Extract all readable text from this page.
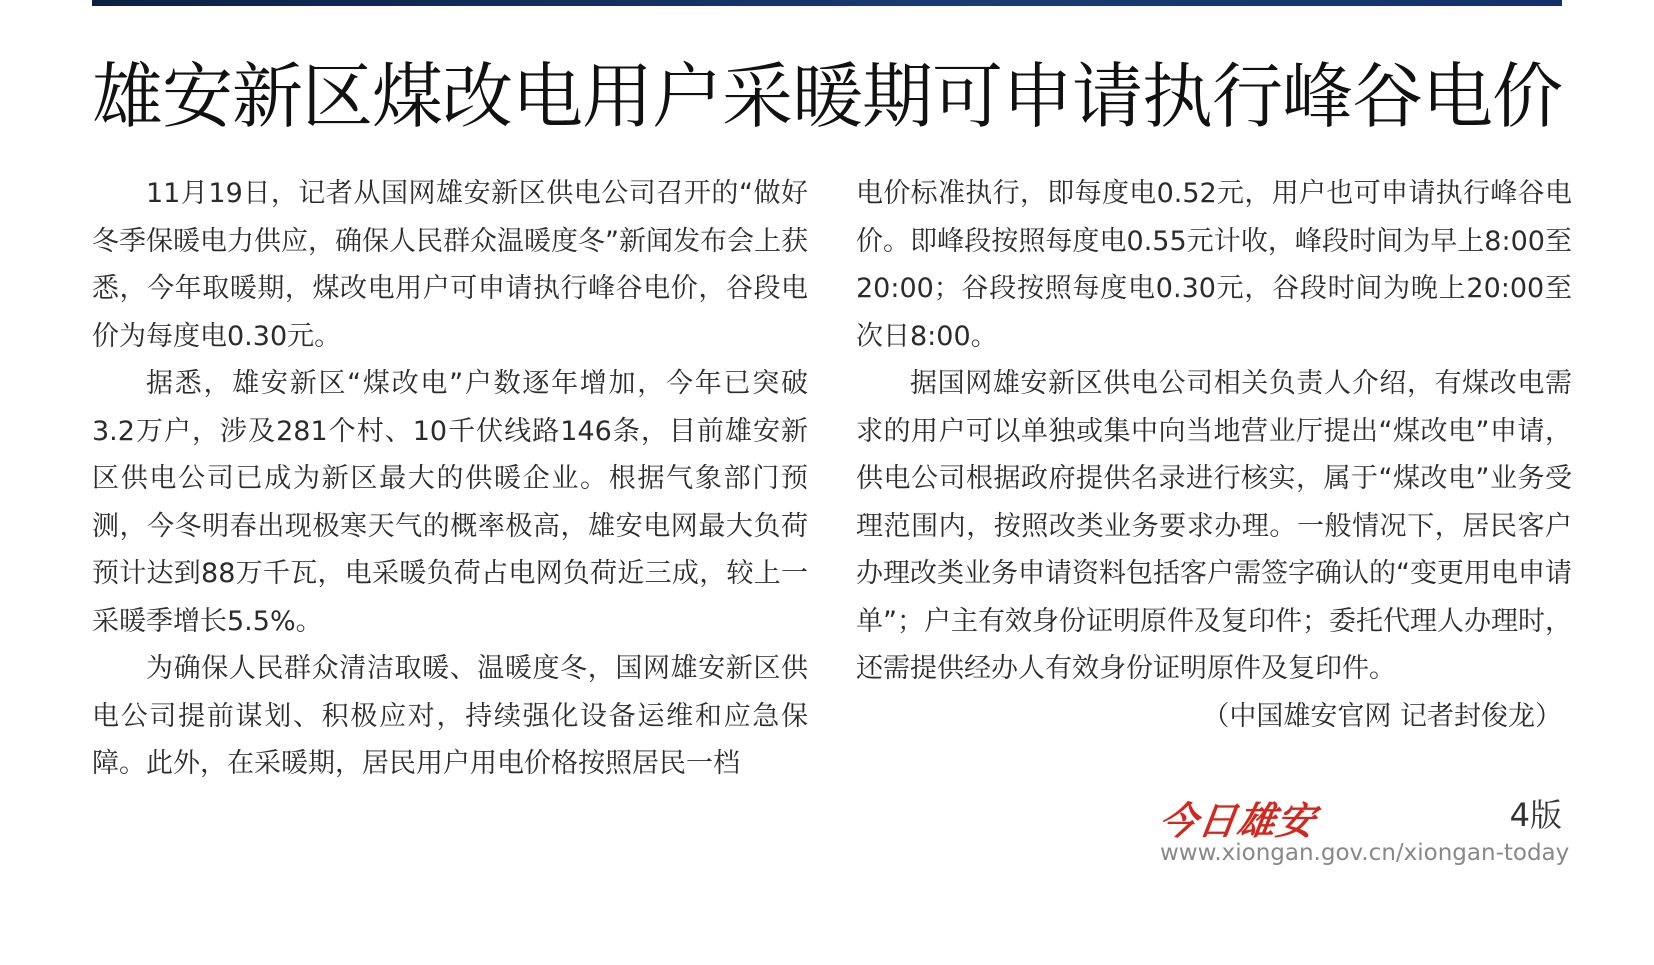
雄安新区煤改电用户采暖期可申请执行峰谷电价

11月19日，记者从国网雄安新区供电公司召开的“做好冬季保暖电力供应，确保人民群众温暖度冬”新闻发布会上获悉，今年取暖期，煤改电用户可申请执行峰谷电价，谷段电价为每度电0.30元。

据悉，雄安新区“煤改电”户数逐年增加，今年已突破3.2万户，涉及281个村、10千伏线路146条，目前雄安新区供电公司已成为新区最大的供暖企业。根据气象部门预测，今冬明春出现极寒天气的概率极高，雄安电网最大负荷预计达到88万千瓦，电采暖负荷占电网负荷近三成，较上一采暖季增长5.5%。

为确保人民群众清洁取暖、温暖度冬，国网雄安新区供电公司提前谋划、积极应对，持续强化设备运维和应急保障。此外，在采暖期，居民用户用电价格按照居民一档

电价标准执行，即每度电0.52元，用户也可申请执行峰谷电价。即峰段按照每度电0.55元计收，峰段时间为早上8:00至20:00；谷段按照每度电0.30元，谷段时间为晚上20:00至次日8:00。

据国网雄安新区供电公司相关负责人介绍，有煤改电需求的用户可以单独或集中向当地营业厅提出“煤改电”申请，供电公司根据政府提供名录进行核实，属于“煤改电”业务受理范围内，按照改类业务要求办理。一般情况下，居民客户办理改类业务申请资料包括客户需签字确认的“变更用电申请单”；户主有效身份证明原件及复印件；委托代理人办理时，还需提供经办人有效身份证明原件及复印件。
（中国雄安官网 记者封俊龙）

今日雄安	4版
www.xiongan.gov.cn/xiongan-today
